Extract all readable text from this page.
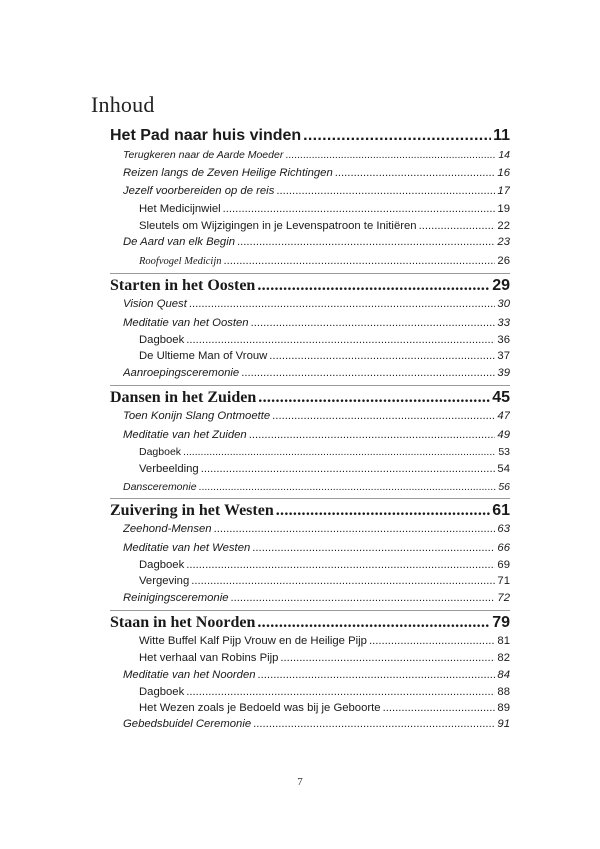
Inhoud
Het Pad naar huis vinden .....	11
Terugkeren naar de Aarde Moeder .....	14
Reizen langs de Zeven Heilige Richtingen .....	16
Jezelf voorbereiden op de reis .....	17
Het Medicijnwiel .....	19
Sleutels om Wijzigingen in je Levenspatroon te Initiëren .....	22
De Aard van elk Begin .....	23
Roofvogel Medicijn .....	26
Starten in het Oosten .....	29
Vision Quest .....	30
Meditatie van het Oosten .....	33
Dagboek .....	36
De Ultieme Man of Vrouw .....	37
Aanroepingsceremonie .....	39
Dansen in het Zuiden .....	45
Toen Konijn Slang Ontmoette .....	47
Meditatie van het Zuiden .....	49
Dagboek .....	53
Verbeelding .....	54
Dansceremonie .....	56
Zuivering in het Westen .....	61
Zeehond-Mensen .....	63
Meditatie van het Westen .....	66
Dagboek .....	69
Vergeving .....	71
Reinigingsceremonie .....	72
Staan in het Noorden .....	79
Witte Buffel Kalf Pijp Vrouw en de Heilige Pijp .....	81
Het verhaal van Robins Pijp .....	82
Meditatie van het Noorden .....	84
Dagboek .....	88
Het Wezen zoals je Bedoeld was bij je Geboorte .....	89
Gebedsbuidel Ceremonie .....	91
7
